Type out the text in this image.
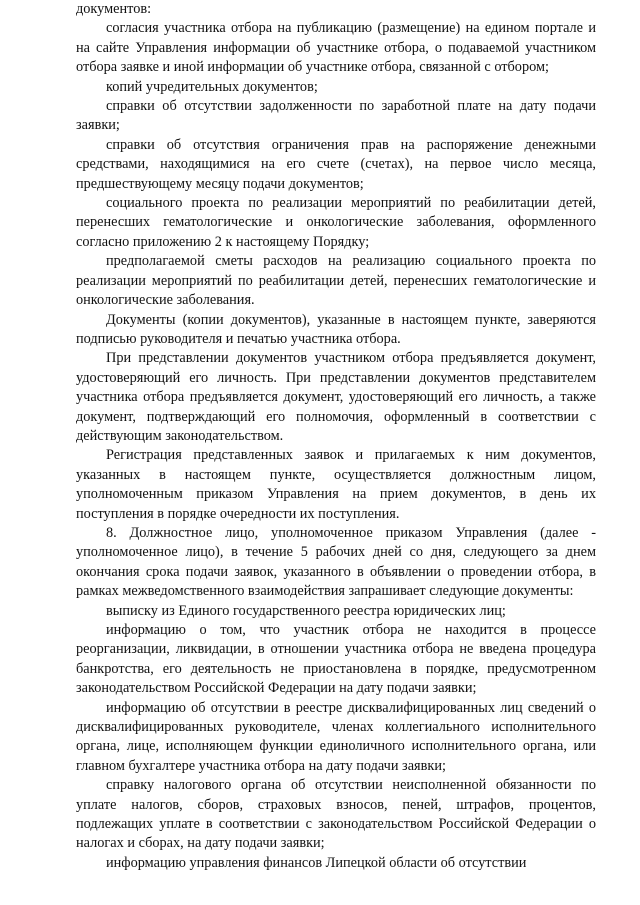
документов:

согласия участника отбора на публикацию (размещение) на едином портале и на сайте Управления информации об участнике отбора, о подаваемой участником отбора заявке и иной информации об участнике отбора, связанной с отбором;

копий учредительных документов;

справки об отсутствии задолженности по заработной плате на дату подачи заявки;

справки об отсутствия ограничения прав на распоряжение денежными средствами, находящимися на его счете (счетах), на первое число месяца, предшествующему месяцу подачи документов;

социального проекта по реализации мероприятий по реабилитации детей, перенесших гематологические и онкологические заболевания, оформленного согласно приложению 2 к настоящему Порядку;

предполагаемой сметы расходов на реализацию социального проекта по реализации мероприятий по реабилитации детей, перенесших гематологические и онкологические заболевания.

Документы (копии документов), указанные в настоящем пункте, заверяются подписью руководителя и печатью участника отбора.

При представлении документов участником отбора предъявляется документ, удостоверяющий его личность. При представлении документов представителем участника отбора предъявляется документ, удостоверяющий его личность, а также документ, подтверждающий его полномочия, оформленный в соответствии с действующим законодательством.

Регистрация представленных заявок и прилагаемых к ним документов, указанных в настоящем пункте, осуществляется должностным лицом, уполномоченным приказом Управления на прием документов, в день их поступления в порядке очередности их поступления.

8. Должностное лицо, уполномоченное приказом Управления (далее - уполномоченное лицо), в течение 5 рабочих дней со дня, следующего за днем окончания срока подачи заявок, указанного в объявлении о проведении отбора, в рамках межведомственного взаимодействия запрашивает следующие документы:

выписку из Единого государственного реестра юридических лиц;

информацию о том, что участник отбора не находится в процессе реорганизации, ликвидации, в отношении участника отбора не введена процедура банкротства, его деятельность не приостановлена в порядке, предусмотренном законодательством Российской Федерации на дату подачи заявки;

информацию об отсутствии в реестре дисквалифицированных лиц сведений о дисквалифицированных руководителе, членах коллегиального исполнительного органа, лице, исполняющем функции единоличного исполнительного органа, или главном бухгалтере участника отбора на дату подачи заявки;

справку налогового органа об отсутствии неисполненной обязанности по уплате налогов, сборов, страховых взносов, пеней, штрафов, процентов, подлежащих уплате в соответствии с законодательством Российской Федерации о налогах и сборах, на дату подачи заявки;

информацию управления финансов Липецкой области об отсутствии
